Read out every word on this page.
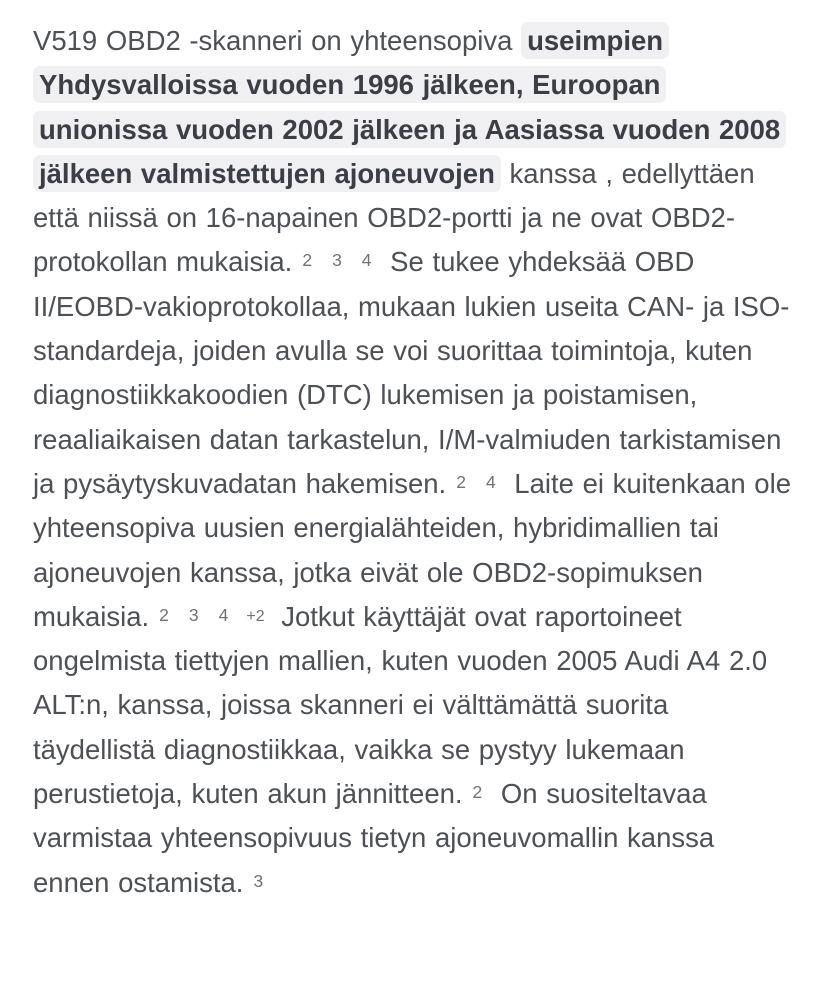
V519 OBD2 -skanneri on yhteensopiva useimpien Yhdysvalloissa vuoden 1996 jälkeen, Euroopan unionissa vuoden 2002 jälkeen ja Aasiassa vuoden 2008 jälkeen valmistettujen ajoneuvojen kanssa , edellyttäen että niissä on 16-napainen OBD2-portti ja ne ovat OBD2-protokollan mukaisia. 2 3 4 Se tukee yhdeksää OBD II/EOBD-vakioprotokollaa, mukaan lukien useita CAN- ja ISO-standardeja, joiden avulla se voi suorittaa toimintoja, kuten diagnostiikkakoodien (DTC) lukemisen ja poistamisen, reaaliaikaisen datan tarkastelun, I/M-valmiuden tarkistamisen ja pysäytyskuvadatan hakemisen. 2 4 Laite ei kuitenkaan ole yhteensopiva uusien energialähteiden, hybridimallien tai ajoneuvojen kanssa, jotka eivät ole OBD2-sopimuksen mukaisia. 2 3 4 +2 Jotkut käyttäjät ovat raportoineet ongelmista tiettyjen mallien, kuten vuoden 2005 Audi A4 2.0 ALT:n, kanssa, joissa skanneri ei välttämättä suorita täydellistä diagnostiikkaa, vaikka se pystyy lukemaan perustietoja, kuten akun jännitteen. 2 On suositeltavaa varmistaa yhteensopivuus tietyn ajoneuvomallin kanssa ennen ostamista. 3
